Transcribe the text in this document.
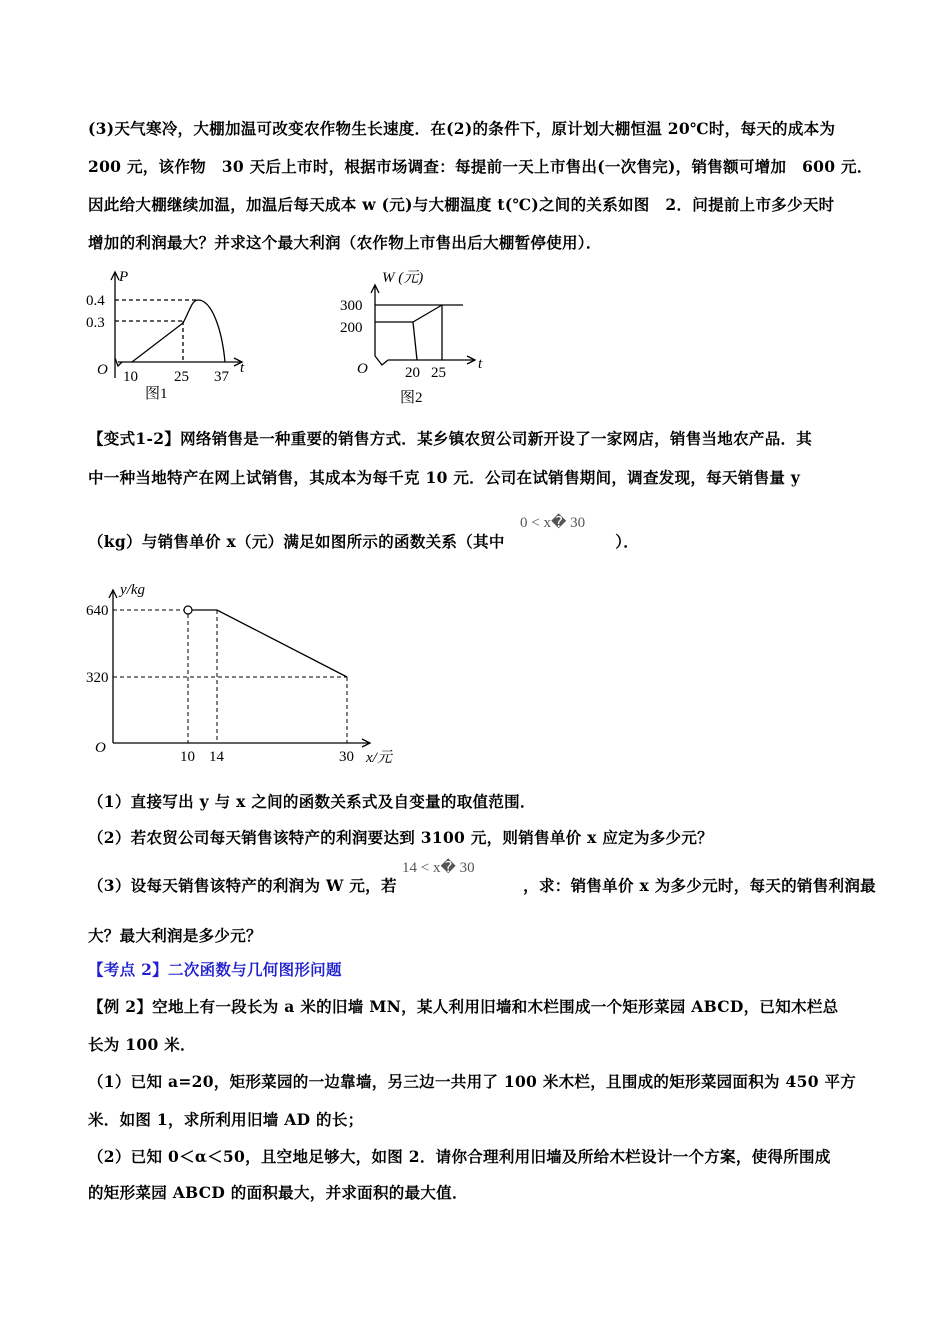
(3)天气寒冷，大棚加温可改变农作物生长速度．在(2)的条件下，原计划大棚恒温 20℃时，每天的成本为
200 元，该作物　30 天后上市时，根据市场调查：每提前一天上市售出(一次售完)，销售额可增加　600 元．
因此给大棚继续加温，加温后每天成本 w (元)与大棚温度 t(℃)之间的关系如图　2．问提前上市多少天时
增加的利润最大？并求这个最大利润（农作物上市售出后大棚暂停使用）．
P
t
0.4
0.3
O 10 25 37
图1
W (元)
t
300
200
O 20 25
图2
y/kg
x/元
640
320
O
10 14	30
【变式1-2】网络销售是一种重要的销售方式．某乡镇农贸公司新开设了一家网店，销售当地农产品．其
中一种当地特产在网上试销售，其成本为每千克 10 元．公司在试销售期间，调查发现，每天销售量 y
（kg）与销售单价 x（元）满足如图所示的函数关系（其中　　　　　　　）．
0 < x� 30
（1）直接写出 y 与 x 之间的函数关系式及自变量的取值范围．
（2）若农贸公司每天销售该特产的利润要达到 3100 元，则销售单价 x 应定为多少元？
（3）设每天销售该特产的利润为 W 元，若　　　　　　　　，求：销售单价 x 为多少元时，每天的销售利润最
14 < x� 30
大？最大利润是多少元？
【考点 2】二次函数与几何图形问题
【例 2】空地上有一段长为 a 米的旧墙 MN，某人利用旧墙和木栏围成一个矩形菜园 ABCD，已知木栏总
长为 100 米．
（1）已知 a=20，矩形菜园的一边靠墙，另三边一共用了 100 米木栏，且围成的矩形菜园面积为 450 平方
米．如图 1，求所利用旧墙 AD 的长；
（2）已知 0＜α＜50，且空地足够大，如图 2．请你合理利用旧墙及所给木栏设计一个方案，使得所围成
的矩形菜园 ABCD 的面积最大，并求面积的最大值．
